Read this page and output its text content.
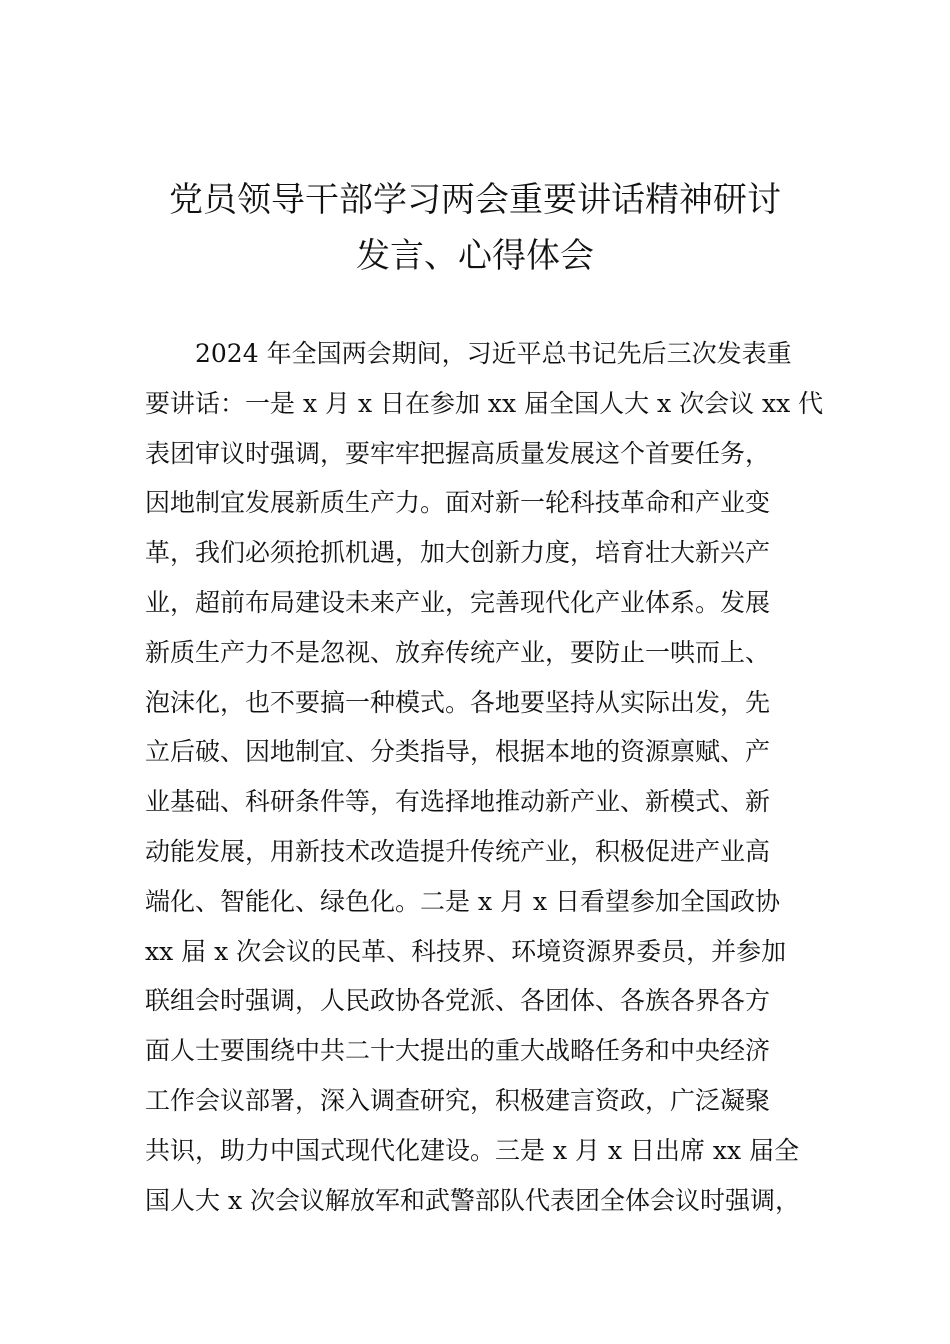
党员领导干部学习两会重要讲话精神研讨
发言、心得体会
2024 年全国两会期间，习近平总书记先后三次发表重
要讲话：一是 x 月 x 日在参加 xx 届全国人大 x 次会议 xx 代
表团审议时强调，要牢牢把握高质量发展这个首要任务，
因地制宜发展新质生产力。面对新一轮科技革命和产业变
革，我们必须抢抓机遇，加大创新力度，培育壮大新兴产
业，超前布局建设未来产业，完善现代化产业体系。发展
新质生产力不是忽视、放弃传统产业，要防止一哄而上、
泡沫化，也不要搞一种模式。各地要坚持从实际出发，先
立后破、因地制宜、分类指导，根据本地的资源禀赋、产
业基础、科研条件等，有选择地推动新产业、新模式、新
动能发展，用新技术改造提升传统产业，积极促进产业高
端化、智能化、绿色化。二是 x 月 x 日看望参加全国政协
xx 届 x 次会议的民革、科技界、环境资源界委员，并参加
联组会时强调，人民政协各党派、各团体、各族各界各方
面人士要围绕中共二十大提出的重大战略任务和中央经济
工作会议部署，深入调查研究，积极建言资政，广泛凝聚
共识，助力中国式现代化建设。三是 x 月 x 日出席 xx 届全
国人大 x 次会议解放军和武警部队代表团全体会议时强调，
